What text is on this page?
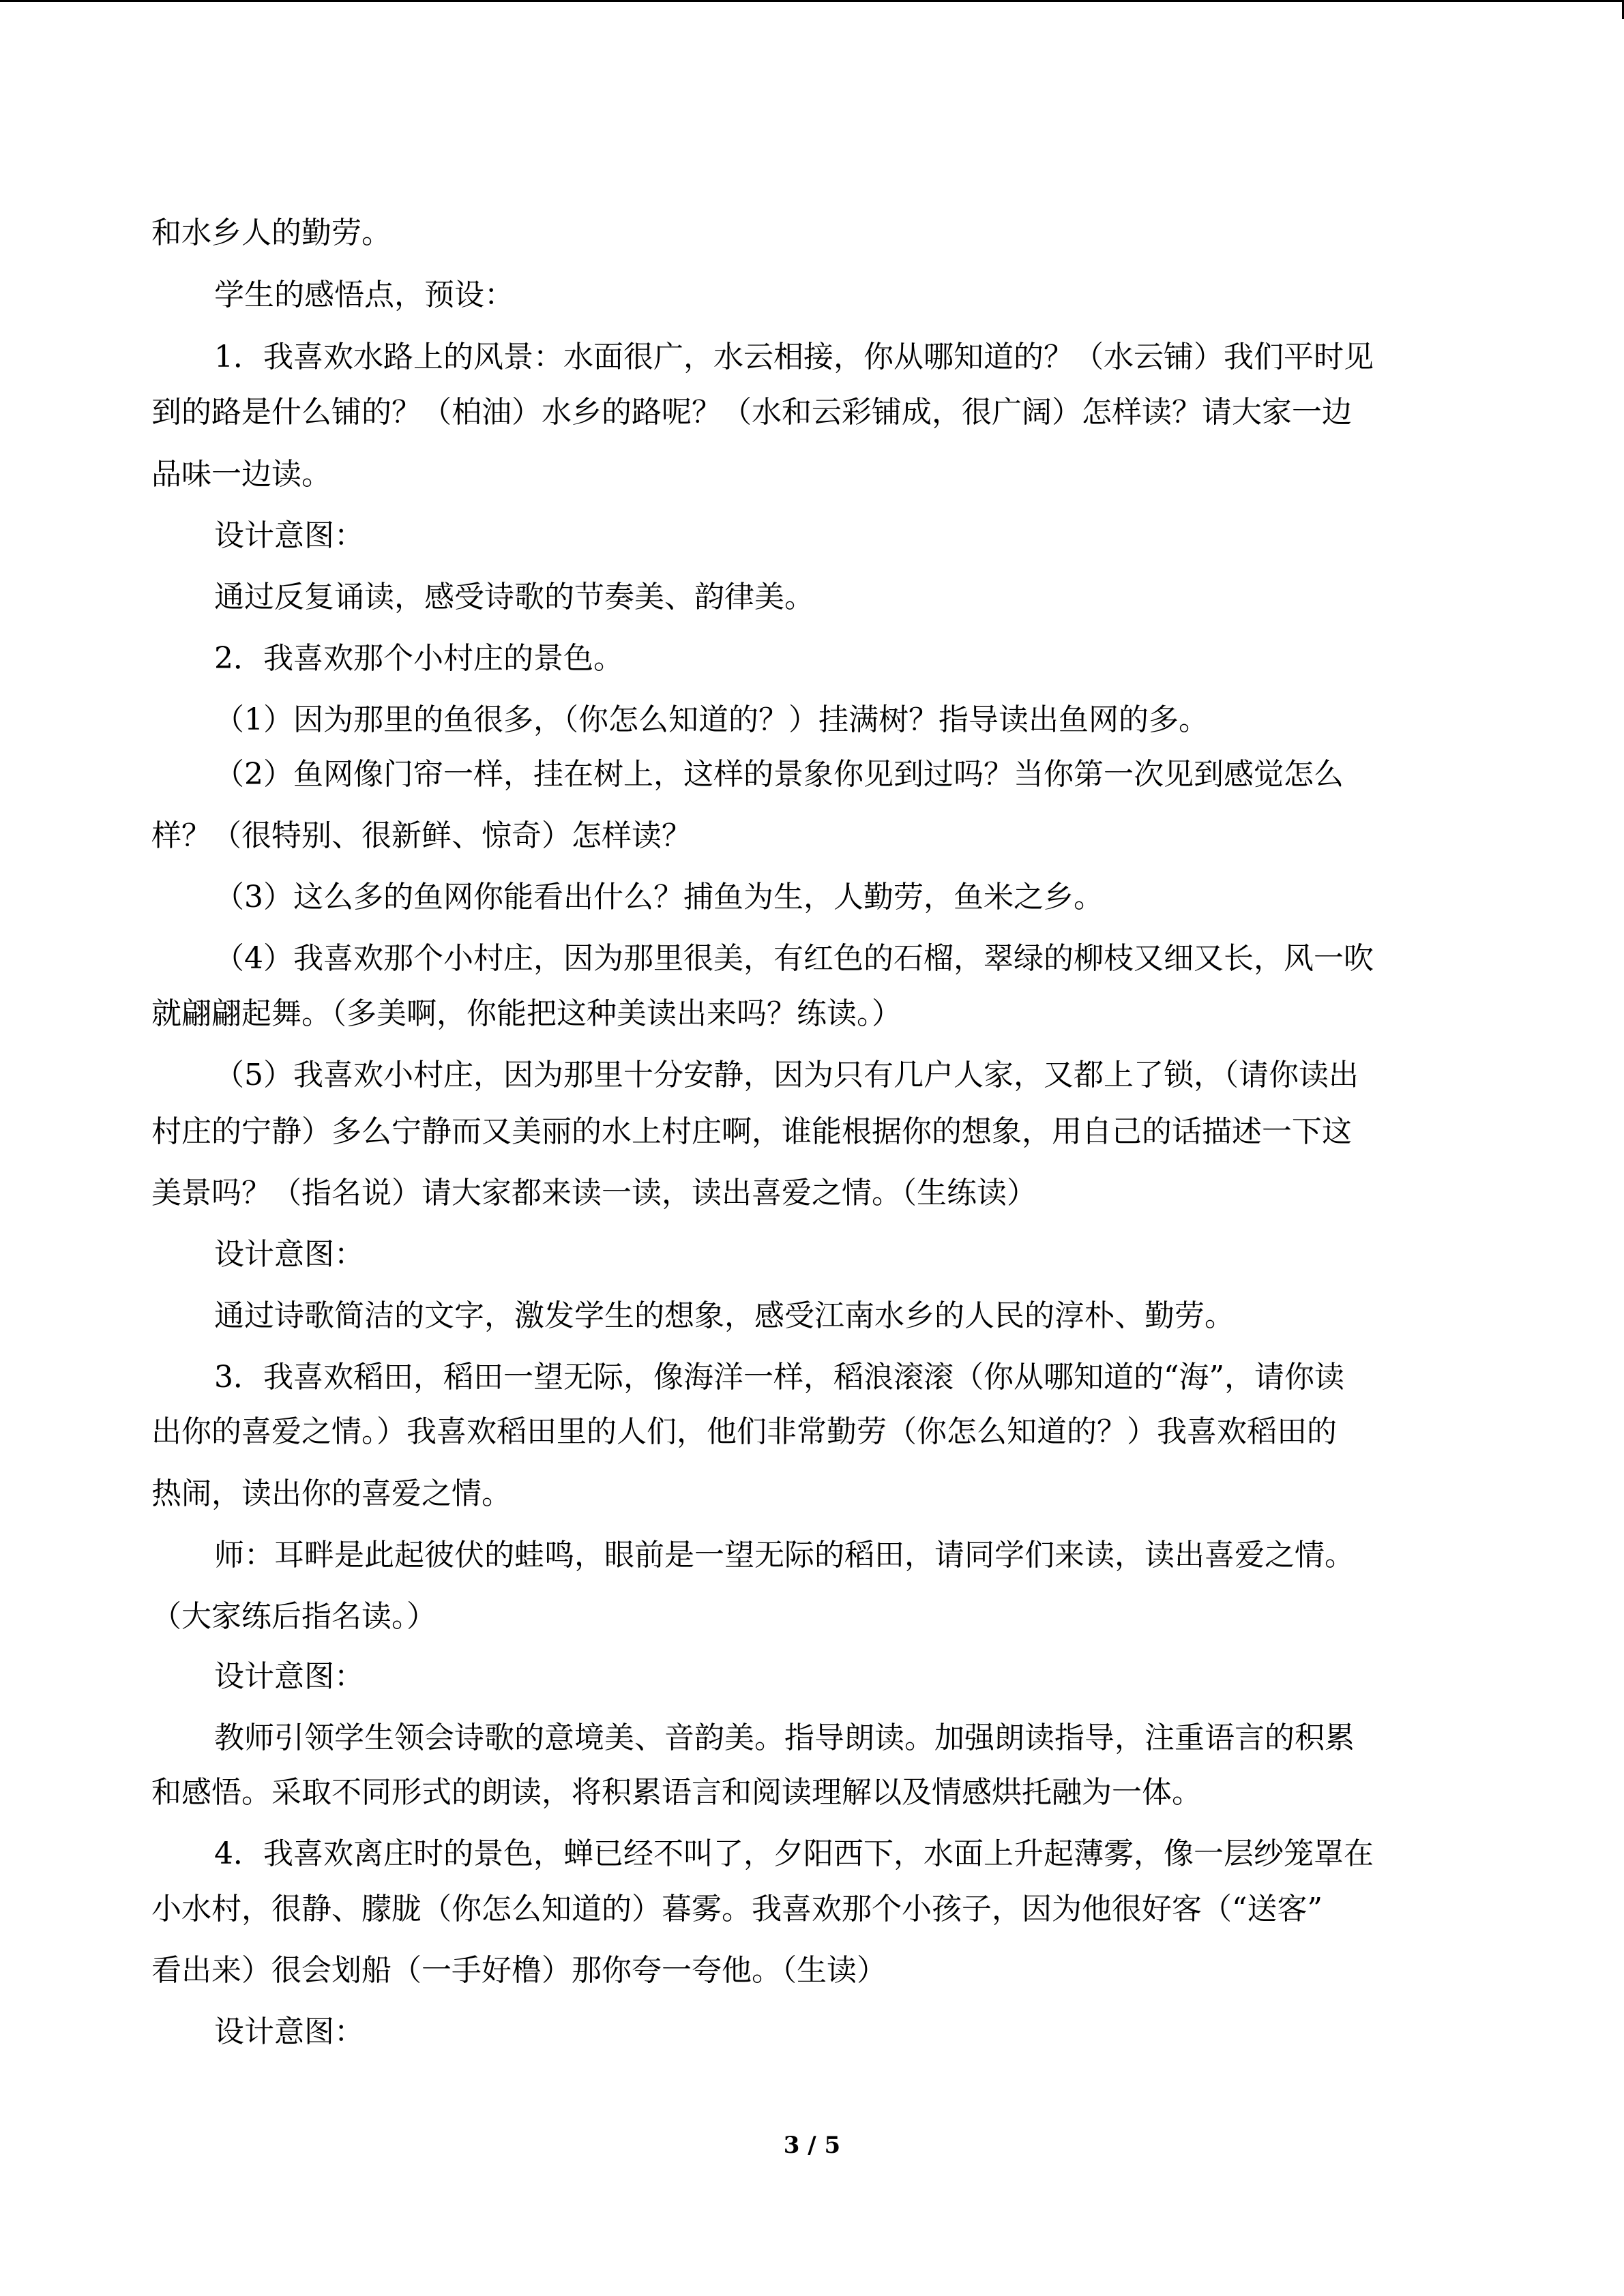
和水乡人的勤劳。
学生的感悟点，预设：
1．我喜欢水路上的风景：水面很广，水云相接，你从哪知道的？（水云铺）我们平时见
到的路是什么铺的？（柏油）水乡的路呢？（水和云彩铺成，很广阔）怎样读？请大家一边
品味一边读。
设计意图：
通过反复诵读，感受诗歌的节奏美、韵律美。
2．我喜欢那个小村庄的景色。
（1）因为那里的鱼很多，（你怎么知道的？）挂满树？指导读出鱼网的多。
（2）鱼网像门帘一样，挂在树上，这样的景象你见到过吗？当你第一次见到感觉怎么
样？（很特别、很新鲜、惊奇）怎样读？
（3）这么多的鱼网你能看出什么？捕鱼为生，人勤劳，鱼米之乡。
（4）我喜欢那个小村庄，因为那里很美，有红色的石榴，翠绿的柳枝又细又长，风一吹
就翩翩起舞。（多美啊，你能把这种美读出来吗？练读。）
（5）我喜欢小村庄，因为那里十分安静，因为只有几户人家，又都上了锁，（请你读出
村庄的宁静）多么宁静而又美丽的水上村庄啊，谁能根据你的想象，用自己的话描述一下这
美景吗？（指名说）请大家都来读一读，读出喜爱之情。（生练读）
设计意图：
通过诗歌简洁的文字，激发学生的想象，感受江南水乡的人民的淳朴、勤劳。
3．我喜欢稻田，稻田一望无际，像海洋一样，稻浪滚滚（你从哪知道的“海”，请你读
出你的喜爱之情。）我喜欢稻田里的人们，他们非常勤劳（你怎么知道的？）我喜欢稻田的
热闹，读出你的喜爱之情。
师：耳畔是此起彼伏的蛙鸣，眼前是一望无际的稻田，请同学们来读，读出喜爱之情。
（大家练后指名读。）
设计意图：
教师引领学生领会诗歌的意境美、音韵美。指导朗读。加强朗读指导，注重语言的积累
和感悟。采取不同形式的朗读，将积累语言和阅读理解以及情感烘托融为一体。
4．我喜欢离庄时的景色，蝉已经不叫了，夕阳西下，水面上升起薄雾，像一层纱笼罩在
小水村，很静、朦胧（你怎么知道的）暮雾。我喜欢那个小孩子，因为他很好客（“送客”
看出来）很会划船（一手好橹）那你夸一夸他。（生读）
设计意图：
3 / 5
